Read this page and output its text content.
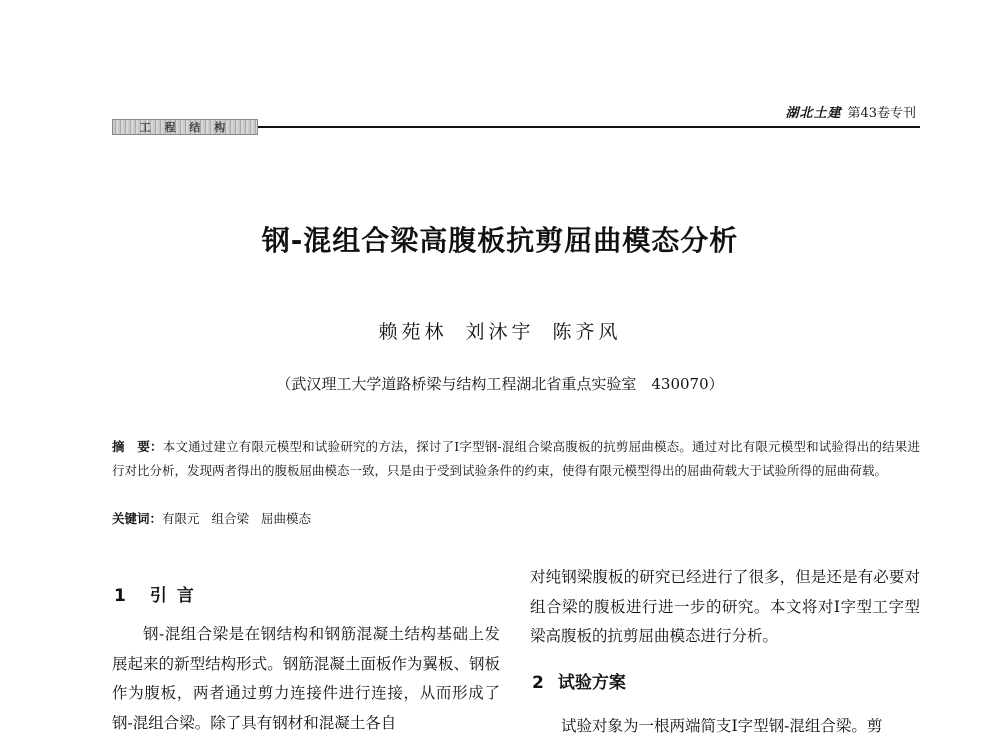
工 程 结 构
湖北土建 第43卷专刊
钢-混组合梁高腹板抗剪屈曲模态分析
赖苑林 刘沐宇 陈齐风
（武汉理工大学道路桥梁与结构工程湖北省重点实验室　430070）
摘　要：本文通过建立有限元模型和试验研究的方法，探讨了Ⅰ字型钢-混组合梁高腹板的抗剪屈曲模态。通过对比有限元模型和试验得出的结果进行对比分析，发现两者得出的腹板屈曲模态一致，只是由于受到试验条件的约束，使得有限元模型得出的屈曲荷载大于试验所得的屈曲荷载。
关键词：有限元 组合梁 屈曲模态
1 引言

钢-混组合梁是在钢结构和钢筋混凝土结构基础上发展起来的新型结构形式。钢筋混凝土面板作为翼板、钢板作为腹板，两者通过剪力连接件进行连接，从而形成了钢-混组合梁。除了具有钢材和混凝土各自

对纯钢梁腹板的研究已经进行了很多，但是还是有必要对组合梁的腹板进行进一步的研究。本文将对Ⅰ字型工字型梁高腹板的抗剪屈曲模态进行分析。

2 试验方案

试验对象为一根两端简支Ⅰ字型钢-混组合梁。剪
